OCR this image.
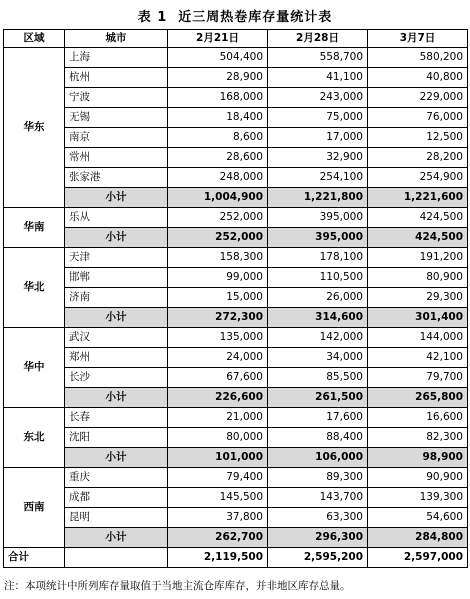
表 1  近三周热卷库存量统计表
区域	城市	2月21日	2月28日	3月7日
华东	上海	504,400	558,700	580,200
	杭州	28,900	41,100	40,800
	宁波	168,000	243,000	229,000
	无锡	18,400	75,000	76,000
	南京	8,600	17,000	12,500
	常州	28,600	32,900	28,200
	张家港	248,000	254,100	254,900
	小计	1,004,900	1,221,800	1,221,600
华南	乐从	252,000	395,000	424,500
	小计	252,000	395,000	424,500
华北	天津	158,300	178,100	191,200
	邯郸	99,000	110,500	80,900
	济南	15,000	26,000	29,300
	小计	272,300	314,600	301,400
华中	武汉	135,000	142,000	144,000
	郑州	24,000	34,000	42,100
	长沙	67,600	85,500	79,700
	小计	226,600	261,500	265,800
东北	长春	21,000	17,600	16,600
	沈阳	80,000	88,400	82,300
	小计	101,000	106,000	98,900
西南	重庆	79,400	89,300	90,900
	成都	145,500	143,700	139,300
	昆明	37,800	63,300	54,600
	小计	262,700	296,300	284,800
合计		2,119,500	2,595,200	2,597,000
注：本项统计中所列库存量取值于当地主流仓库库存，并非地区库存总量。
